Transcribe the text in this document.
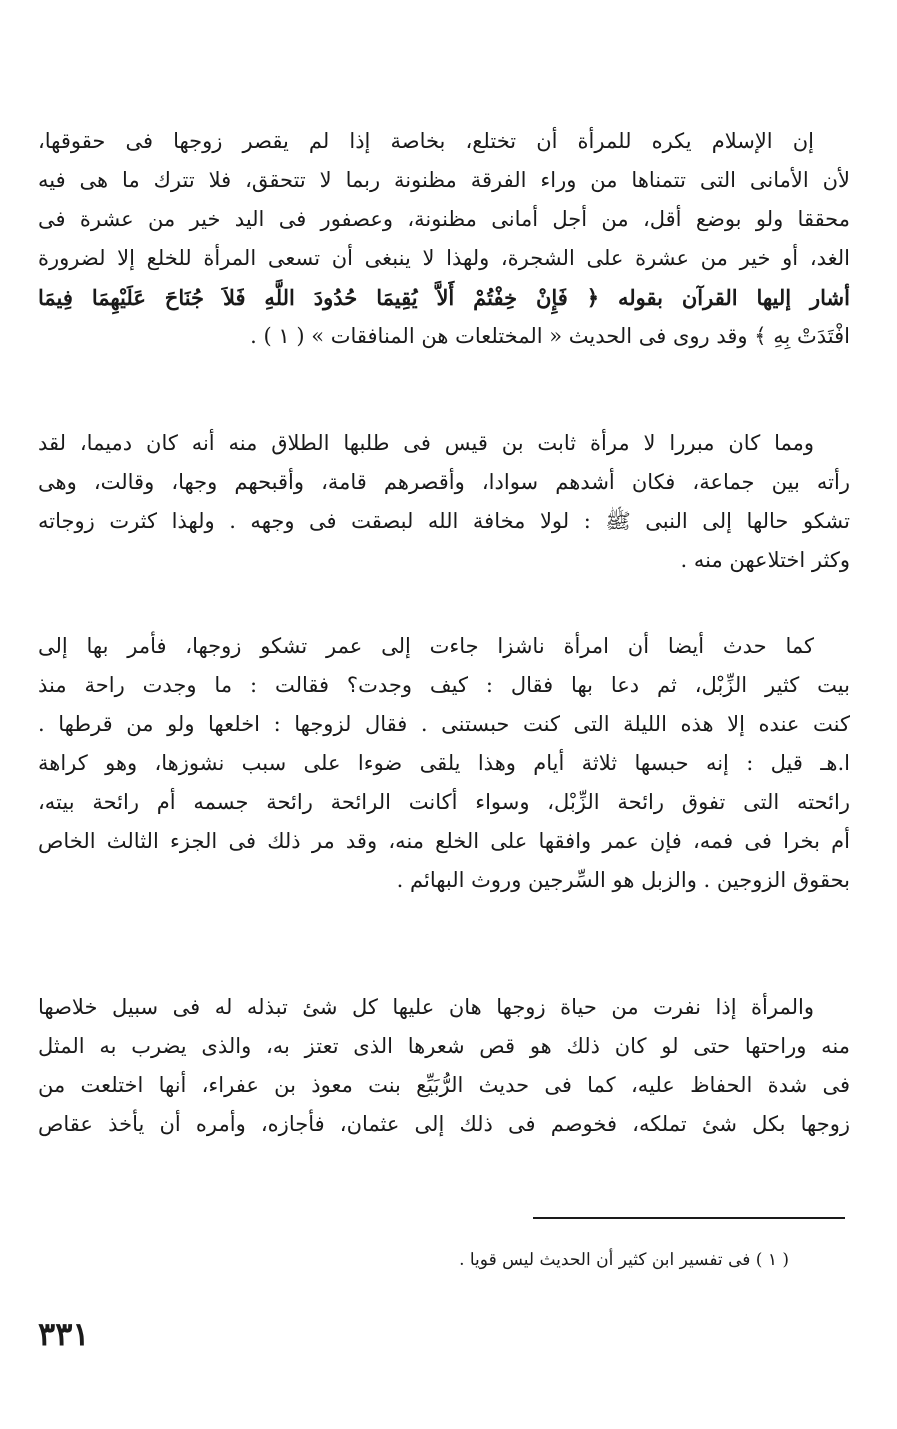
إن الإسلام يكره للمرأة أن تختلع، بخاصة إذا لم يقصر زوجها فى حقوقها،
لأن الأمانى التى تتمناها من وراء الفرقة مظنونة ربما لا تتحقق، فلا تترك ما هى فيه
محققا ولو بوضع أقل، من أجل أمانى مظنونة، وعصفور فى اليد خير من عشرة فى
الغد، أو خير من عشرة على الشجرة، ولهذا لا ينبغى أن تسعى المرأة للخلع إلا لضرورة
أشار إليها القرآن بقوله ﴿ فَإِنْ خِفْتُمْ أَلاَّ يُقِيمَا حُدُودَ اللَّهِ فَلاَ جُنَاحَ عَلَيْهِمَا فِيمَا
افْتَدَتْ بِهِ ﴾ وقد روى فى الحديث « المختلعات هن المنافقات » ( ١ ) .
ومما كان مبررا لا مرأة ثابت بن قيس فى طلبها الطلاق منه أنه كان دميما، لقد
رأته بين جماعة، فكان أشدهم سوادا، وأقصرهم قامة، وأقبحهم وجها، وقالت، وهى
تشكو حالها إلى النبى ﷺ : لولا مخافة الله لبصقت فى وجهه . ولهذا كثرت زوجاته
وكثر اختلاعهن منه .
كما حدث أيضا أن امرأة ناشزا جاءت إلى عمر تشكو زوجها، فأمر بها إلى
بيت كثير الزِّبْل، ثم دعا بها فقال : كيف وجدت؟ فقالت : ما وجدت راحة منذ
كنت عنده إلا هذه الليلة التى كنت حبستنى . فقال لزوجها : اخلعها ولو من قرطها .
ا.هـ قيل : إنه حبسها ثلاثة أيام وهذا يلقى ضوءا على سبب نشوزها، وهو كراهة
رائحته التى تفوق رائحة الزِّبْل، وسواء أكانت الرائحة رائحة جسمه أم رائحة بيته،
أم بخرا فى فمه، فإن عمر وافقها على الخلع منه، وقد مر ذلك فى الجزء الثالث الخاص
بحقوق الزوجين . والزبل هو السِّرجين وروث البهائم .
والمرأة إذا نفرت من حياة زوجها هان عليها كل شئ تبذله له فى سبيل خلاصها
منه وراحتها حتى لو كان ذلك هو قص شعرها الذى تعتز به، والذى يضرب به المثل
فى شدة الحفاظ عليه، كما فى حديث الرُّبَيِّع بنت معوذ بن عفراء، أنها اختلعت من
زوجها بكل شئ تملكه، فخوصم فى ذلك إلى عثمان، فأجازه، وأمره أن يأخذ عقاص
( ١ ) فى تفسير ابن كثير أن الحديث ليس قويا .
٣٣١
